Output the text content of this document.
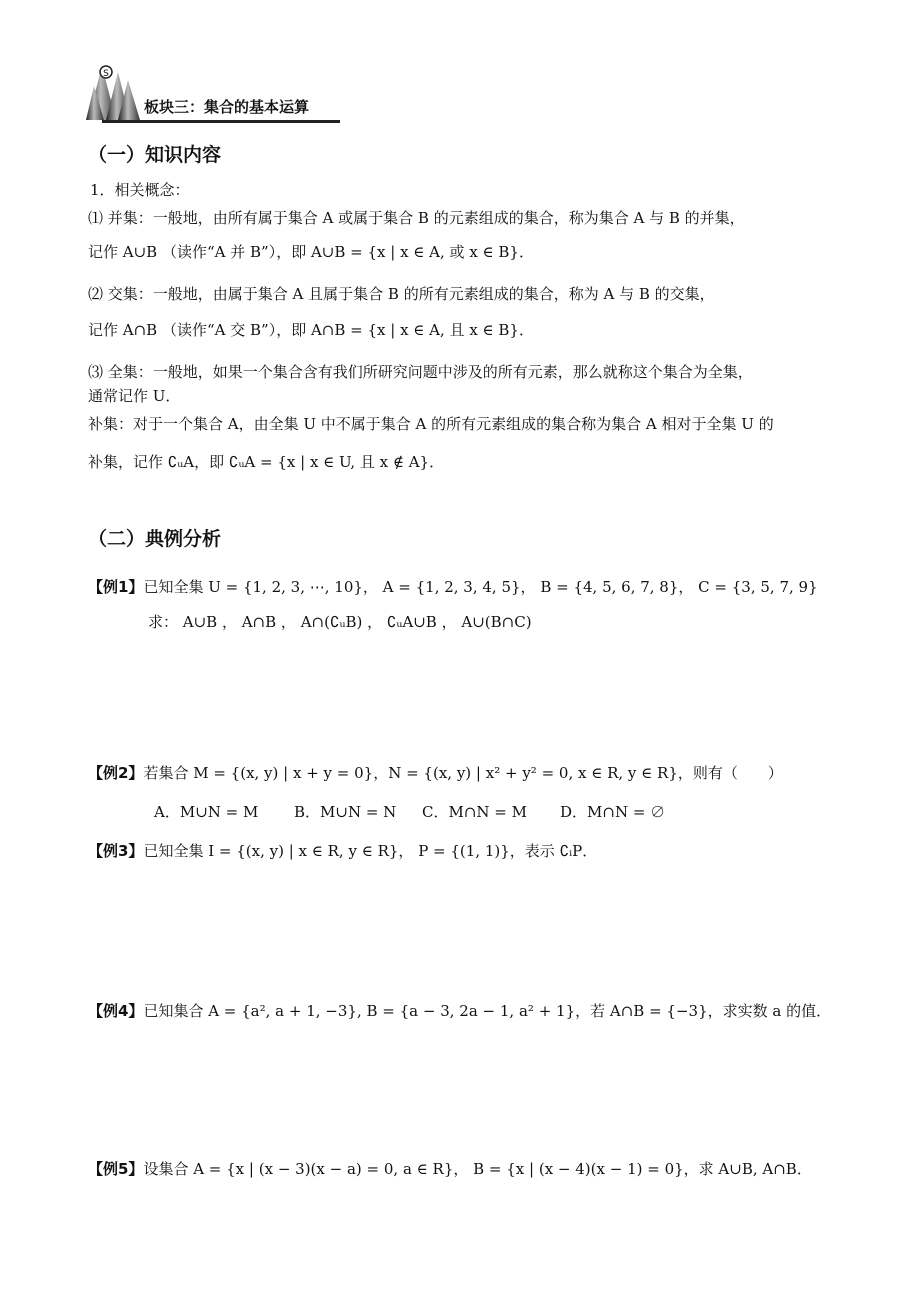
S
板块三：集合的基本运算
（一）知识内容
1．相关概念：
⑴ 并集：一般地，由所有属于集合 A 或属于集合 B 的元素组成的集合，称为集合 A 与 B 的并集，
记作 A∪B （读作“A 并 B”），即 A∪B = {x | x ∈ A, 或 x ∈ B}．
⑵ 交集：一般地，由属于集合 A 且属于集合 B 的所有元素组成的集合，称为 A 与 B 的交集，
记作 A∩B （读作“A 交 B”），即 A∩B = {x | x ∈ A, 且 x ∈ B}．
⑶ 全集：一般地，如果一个集合含有我们所研究问题中涉及的所有元素，那么就称这个集合为全集，
通常记作 U．
补集：对于一个集合 A，由全集 U 中不属于集合 A 的所有元素组成的集合称为集合 A 相对于全集 U 的
补集，记作 ∁ᵤA，即 ∁ᵤA = {x | x ∈ U, 且 x ∉ A}．
（二）典例分析
【例1】已知全集 U = {1, 2, 3, ⋯, 10}， A = {1, 2, 3, 4, 5}， B = {4, 5, 6, 7, 8}， C = {3, 5, 7, 9}
求： A∪B ， A∩B ， A∩(∁ᵤB) ， ∁ᵤA∪B ， A∪(B∩C)
【例2】若集合 M = {(x, y) | x + y = 0}，N = {(x, y) | x² + y² = 0, x ∈ R, y ∈ R}，则有（　　）
A．M∪N = M B．M∪N = N C．M∩N = M D．M∩N = ∅
【例3】已知全集 I = {(x, y) | x ∈ R, y ∈ R}， P = {(1, 1)}，表示 ∁ᵢP．
【例4】已知集合 A = {a², a + 1, −3}, B = {a − 3, 2a − 1, a² + 1}，若 A∩B = {−3}，求实数 a 的值．
【例5】设集合 A = {x | (x − 3)(x − a) = 0, a ∈ R}， B = {x | (x − 4)(x − 1) = 0}，求 A∪B, A∩B．
